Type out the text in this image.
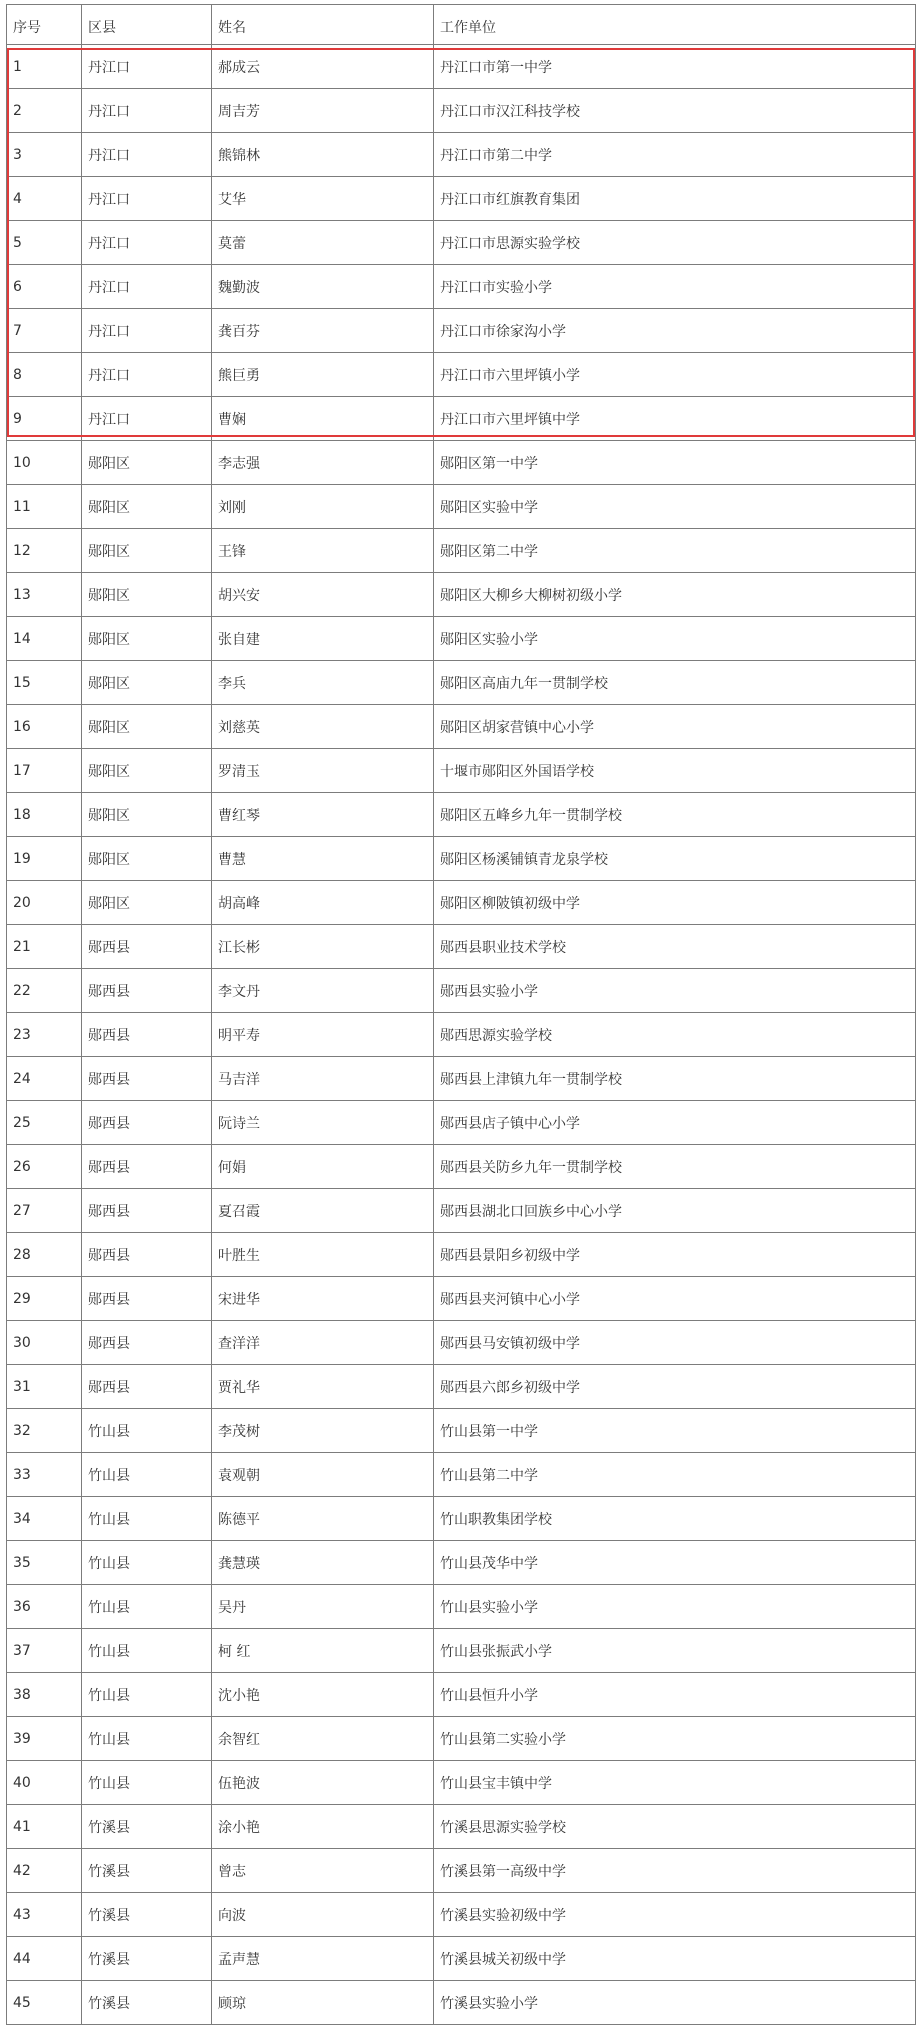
序号	区县	姓名	工作单位
1	丹江口	郝成云	丹江口市第一中学
2	丹江口	周吉芳	丹江口市汉江科技学校
3	丹江口	熊锦林	丹江口市第二中学
4	丹江口	艾华	丹江口市红旗教育集团
5	丹江口	莫蕾	丹江口市思源实验学校
6	丹江口	魏勤波	丹江口市实验小学
7	丹江口	龚百芬	丹江口市徐家沟小学
8	丹江口	熊巨勇	丹江口市六里坪镇小学
9	丹江口	曹娴	丹江口市六里坪镇中学
10	郧阳区	李志强	郧阳区第一中学
11	郧阳区	刘刚	郧阳区实验中学
12	郧阳区	王锋	郧阳区第二中学
13	郧阳区	胡兴安	郧阳区大柳乡大柳树初级小学
14	郧阳区	张自建	郧阳区实验小学
15	郧阳区	李兵	郧阳区高庙九年一贯制学校
16	郧阳区	刘慈英	郧阳区胡家营镇中心小学
17	郧阳区	罗清玉	十堰市郧阳区外国语学校
18	郧阳区	曹红琴	郧阳区五峰乡九年一贯制学校
19	郧阳区	曹慧	郧阳区杨溪铺镇青龙泉学校
20	郧阳区	胡高峰	郧阳区柳陂镇初级中学
21	郧西县	江长彬	郧西县职业技术学校
22	郧西县	李文丹	郧西县实验小学
23	郧西县	明平寿	郧西思源实验学校
24	郧西县	马吉洋	郧西县上津镇九年一贯制学校
25	郧西县	阮诗兰	郧西县店子镇中心小学
26	郧西县	何娟	郧西县关防乡九年一贯制学校
27	郧西县	夏召霞	郧西县湖北口回族乡中心小学
28	郧西县	叶胜生	郧西县景阳乡初级中学
29	郧西县	宋进华	郧西县夹河镇中心小学
30	郧西县	查洋洋	郧西县马安镇初级中学
31	郧西县	贾礼华	郧西县六郎乡初级中学
32	竹山县	李茂树	竹山县第一中学
33	竹山县	袁观朝	竹山县第二中学
34	竹山县	陈德平	竹山职教集团学校
35	竹山县	龚慧瑛	竹山县茂华中学
36	竹山县	吴丹	竹山县实验小学
37	竹山县	柯 红	竹山县张振武小学
38	竹山县	沈小艳	竹山县恒升小学
39	竹山县	余智红	竹山县第二实验小学
40	竹山县	伍艳波	竹山县宝丰镇中学
41	竹溪县	涂小艳	竹溪县思源实验学校
42	竹溪县	曾志	竹溪县第一高级中学
43	竹溪县	向波	竹溪县实验初级中学
44	竹溪县	孟声慧	竹溪县城关初级中学
45	竹溪县	顾琼	竹溪县实验小学
